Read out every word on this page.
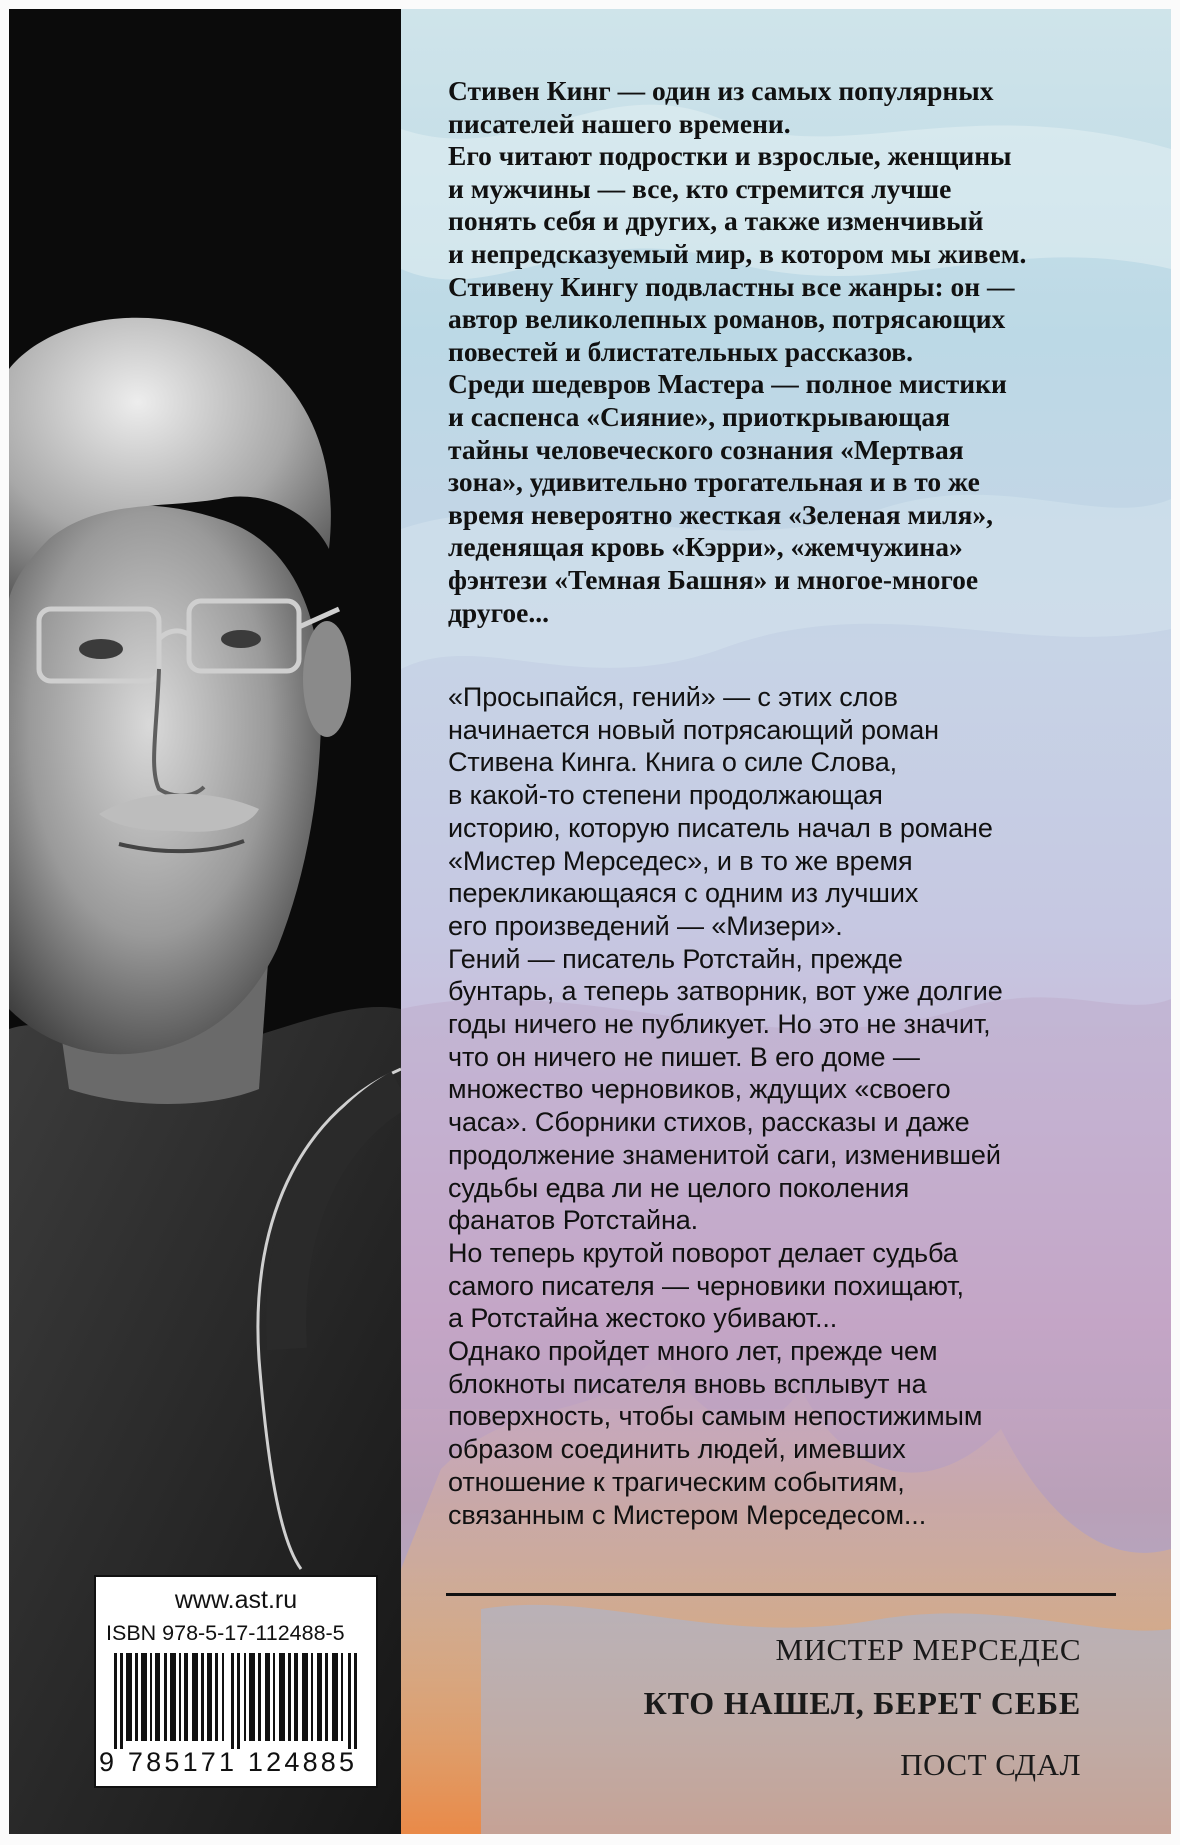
www.ast.ru
ISBN 978-5-17-112488-5
9 785171 124885
Стивен Кинг — один из самых популярных
писателей нашего времени.
Его читают подростки и взрослые, женщины
и мужчины — все, кто стремится лучше
понять себя и других, а также изменчивый
и непредсказуемый мир, в котором мы живем.
Стивену Кингу подвластны все жанры: он —
автор великолепных романов, потрясающих
повестей и блистательных рассказов.
Среди шедевров Мастера — полное мистики
и саспенса «Сияние», приоткрывающая
тайны человеческого сознания «Мертвая
зона», удивительно трогательная и в то же
время невероятно жесткая «Зеленая миля»,
леденящая кровь «Кэрри», «жемчужина»
фэнтези «Темная Башня» и многое-многое
другое...
«Просыпайся, гений» — с этих слов
начинается новый потрясающий роман
Стивена Кинга. Книга о силе Слова,
в какой-то степени продолжающая
историю, которую писатель начал в романе
«Мистер Мерседес», и в то же время
перекликающаяся с одним из лучших
его произведений — «Мизери».
Гений — писатель Ротстайн, прежде
бунтарь, а теперь затворник, вот уже долгие
годы ничего не публикует. Но это не значит,
что он ничего не пишет. В его доме —
множество черновиков, ждущих «своего
часа». Сборники стихов, рассказы и даже
продолжение знаменитой саги, изменившей
судьбы едва ли не целого поколения
фанатов Ротстайна.
Но теперь крутой поворот делает судьба
самого писателя — черновики похищают,
а Ротстайна жестоко убивают...
Однако пройдет много лет, прежде чем
блокноты писателя вновь всплывут на
поверхность, чтобы самым непостижимым
образом соединить людей, имевших
отношение к трагическим событиям,
связанным с Мистером Мерседесом...
МИСТЕР МЕРСЕДЕС
КТО НАШЕЛ, БЕРЕТ СЕБЕ
ПОСТ СДАЛ
